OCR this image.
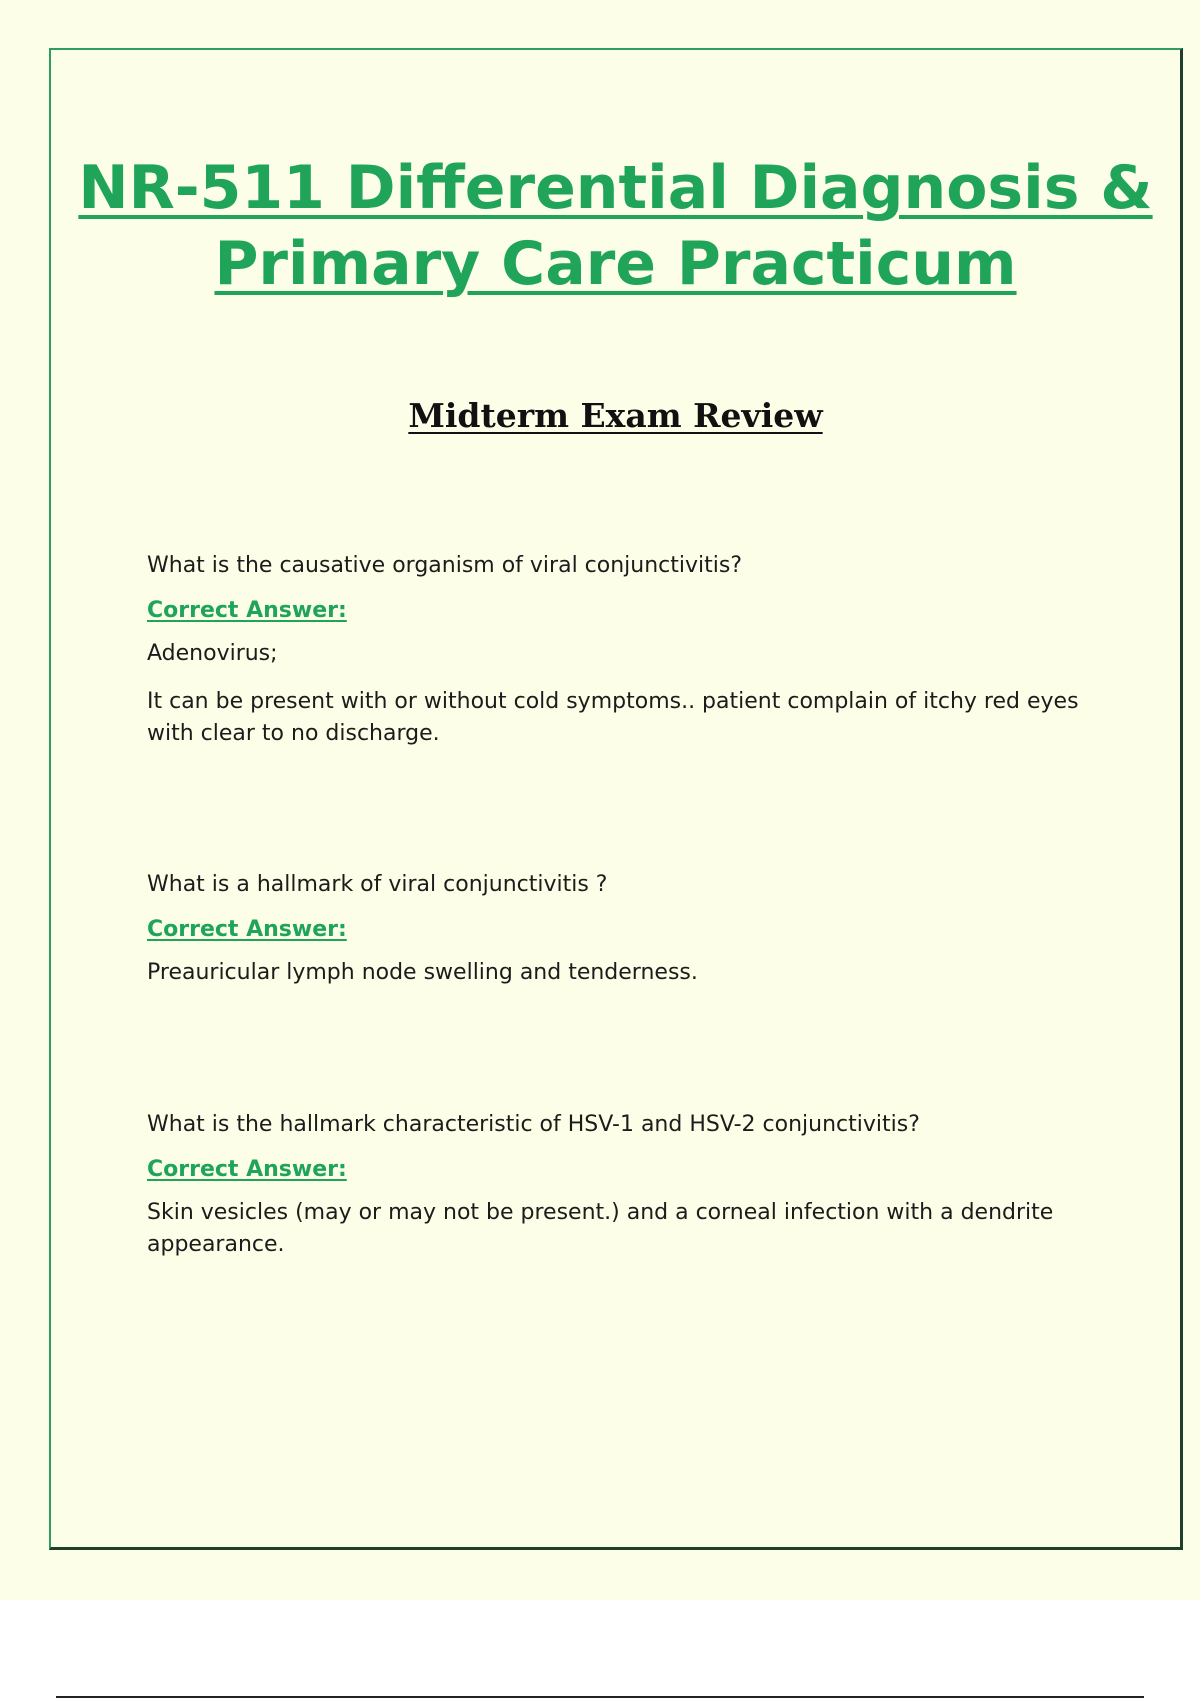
NR-511 Differential Diagnosis & Primary Care Practicum
Midterm Exam Review

What is the causative organism of viral conjunctivitis?

Correct Answer:

Adenovirus;

It can be present with or without cold symptoms.. patient complain of itchy red eyes with clear to no discharge.

What is a hallmark of viral conjunctivitis ?

Correct Answer:

Preauricular lymph node swelling and tenderness.

What is the hallmark characteristic of HSV-1 and HSV-2 conjunctivitis?

Correct Answer:

Skin vesicles (may or may not be present.) and a corneal infection with a dendrite appearance.
